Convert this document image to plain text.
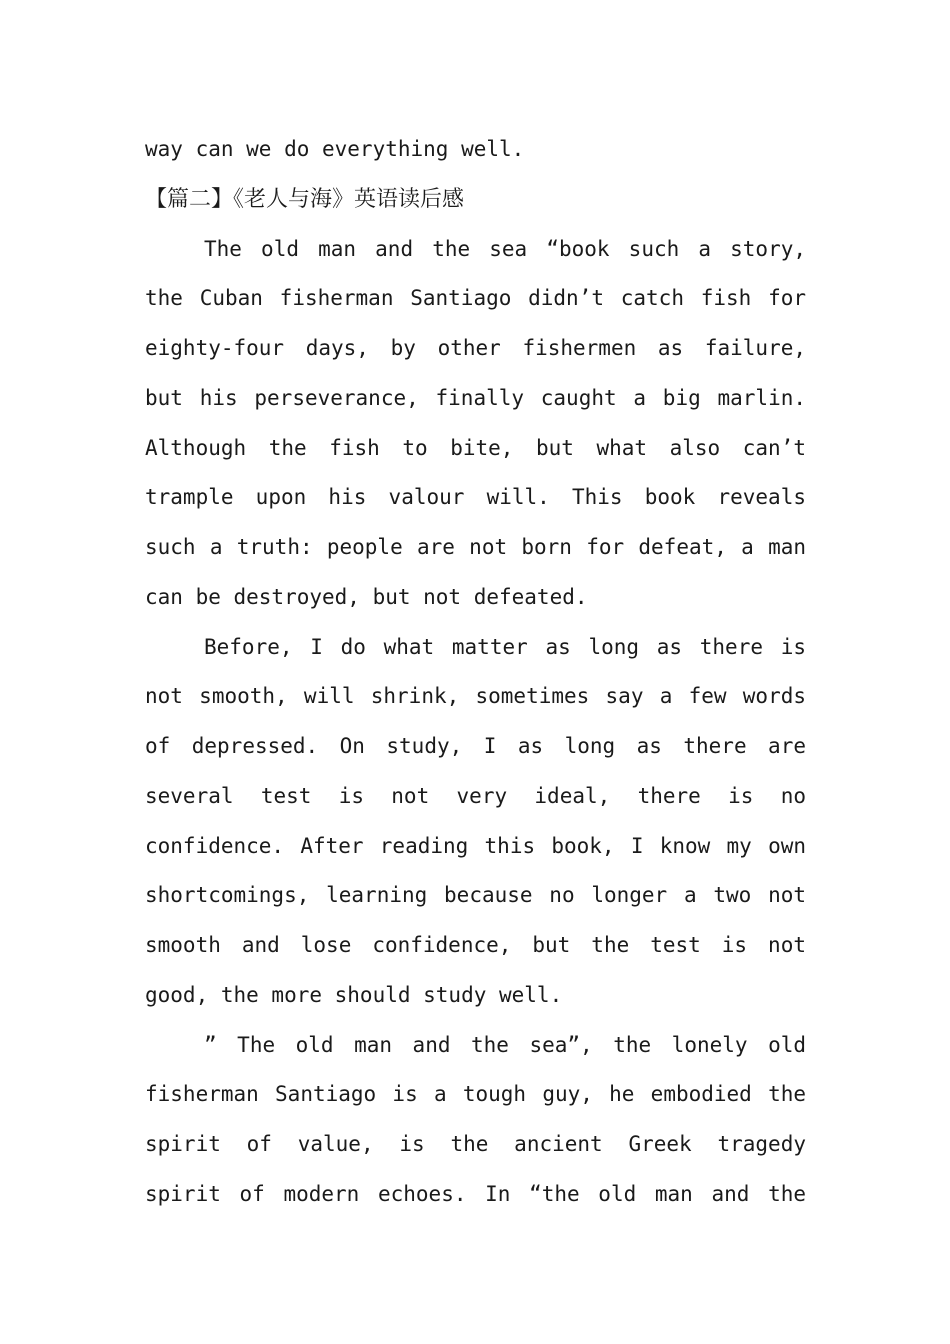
way can we do everything well.
【篇二】《老人与海》英语读后感
The old man and the sea “book such a story,
the Cuban fisherman Santiago didn’t catch fish for
eighty-four days, by other fishermen as failure,
but his perseverance, finally caught a big marlin.
Although the fish to bite, but what also can’t
trample upon his valour will. This book reveals
such a truth: people are not born for defeat, a man
can be destroyed, but not defeated.
Before, I do what matter as long as there is
not smooth, will shrink, sometimes say a few words
of depressed. On study, I as long as there are
several test is not very ideal, there is no
confidence. After reading this book, I know my own
shortcomings, learning because no longer a two not
smooth and lose confidence, but the test is not
good, the more should study well.
” The old man and the sea”, the lonely old
fisherman Santiago is a tough guy, he embodied the
spirit of value, is the ancient Greek tragedy
spirit of modern echoes. In “the old man and the
